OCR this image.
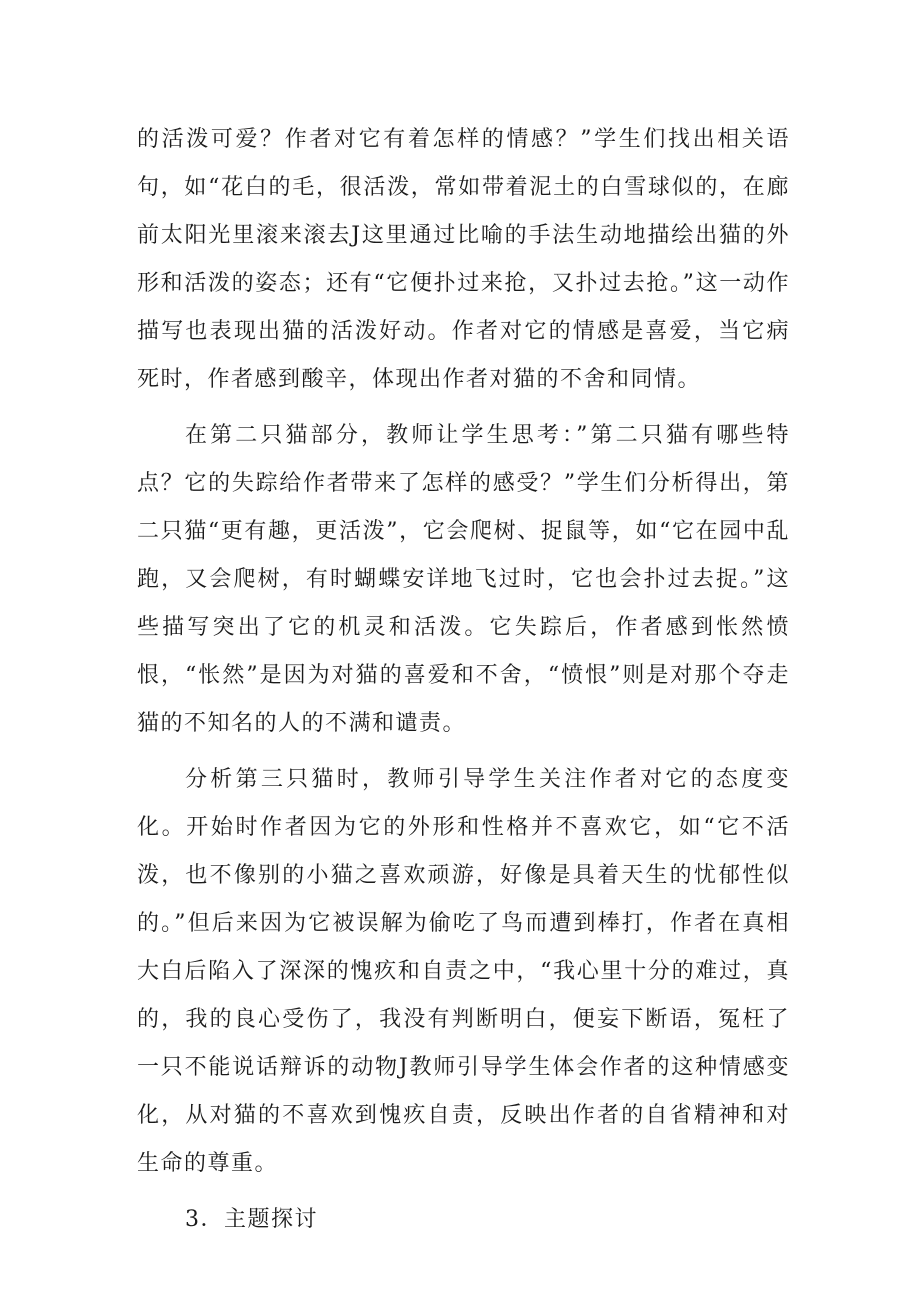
的活泼可爱？作者对它有着怎样的情感？”学生们找出相关语句，如“花白的毛，很活泼，常如带着泥土的白雪球似的，在廊前太阳光里滚来滚去J这里通过比喻的手法生动地描绘出猫的外形和活泼的姿态；还有“它便扑过来抢，又扑过去抢。”这一动作描写也表现出猫的活泼好动。作者对它的情感是喜爱，当它病死时，作者感到酸辛，体现出作者对猫的不舍和同情。

在第二只猫部分，教师让学生思考：”第二只猫有哪些特点？它的失踪给作者带来了怎样的感受？”学生们分析得出，第二只猫“更有趣，更活泼”，它会爬树、捉鼠等，如“它在园中乱跑，又会爬树，有时蝴蝶安详地飞过时，它也会扑过去捉。”这些描写突出了它的机灵和活泼。它失踪后，作者感到怅然愤恨，“怅然”是因为对猫的喜爱和不舍，“愤恨”则是对那个夺走猫的不知名的人的不满和谴责。

分析第三只猫时，教师引导学生关注作者对它的态度变化。开始时作者因为它的外形和性格并不喜欢它，如“它不活泼，也不像别的小猫之喜欢顽游，好像是具着天生的忧郁性似的。”但后来因为它被误解为偷吃了鸟而遭到棒打，作者在真相大白后陷入了深深的愧疚和自责之中，“我心里十分的难过，真的，我的良心受伤了，我没有判断明白，便妄下断语，冤枉了一只不能说话辩诉的动物J教师引导学生体会作者的这种情感变化，从对猫的不喜欢到愧疚自责，反映出作者的自省精神和对生命的尊重。

3．主题探讨
